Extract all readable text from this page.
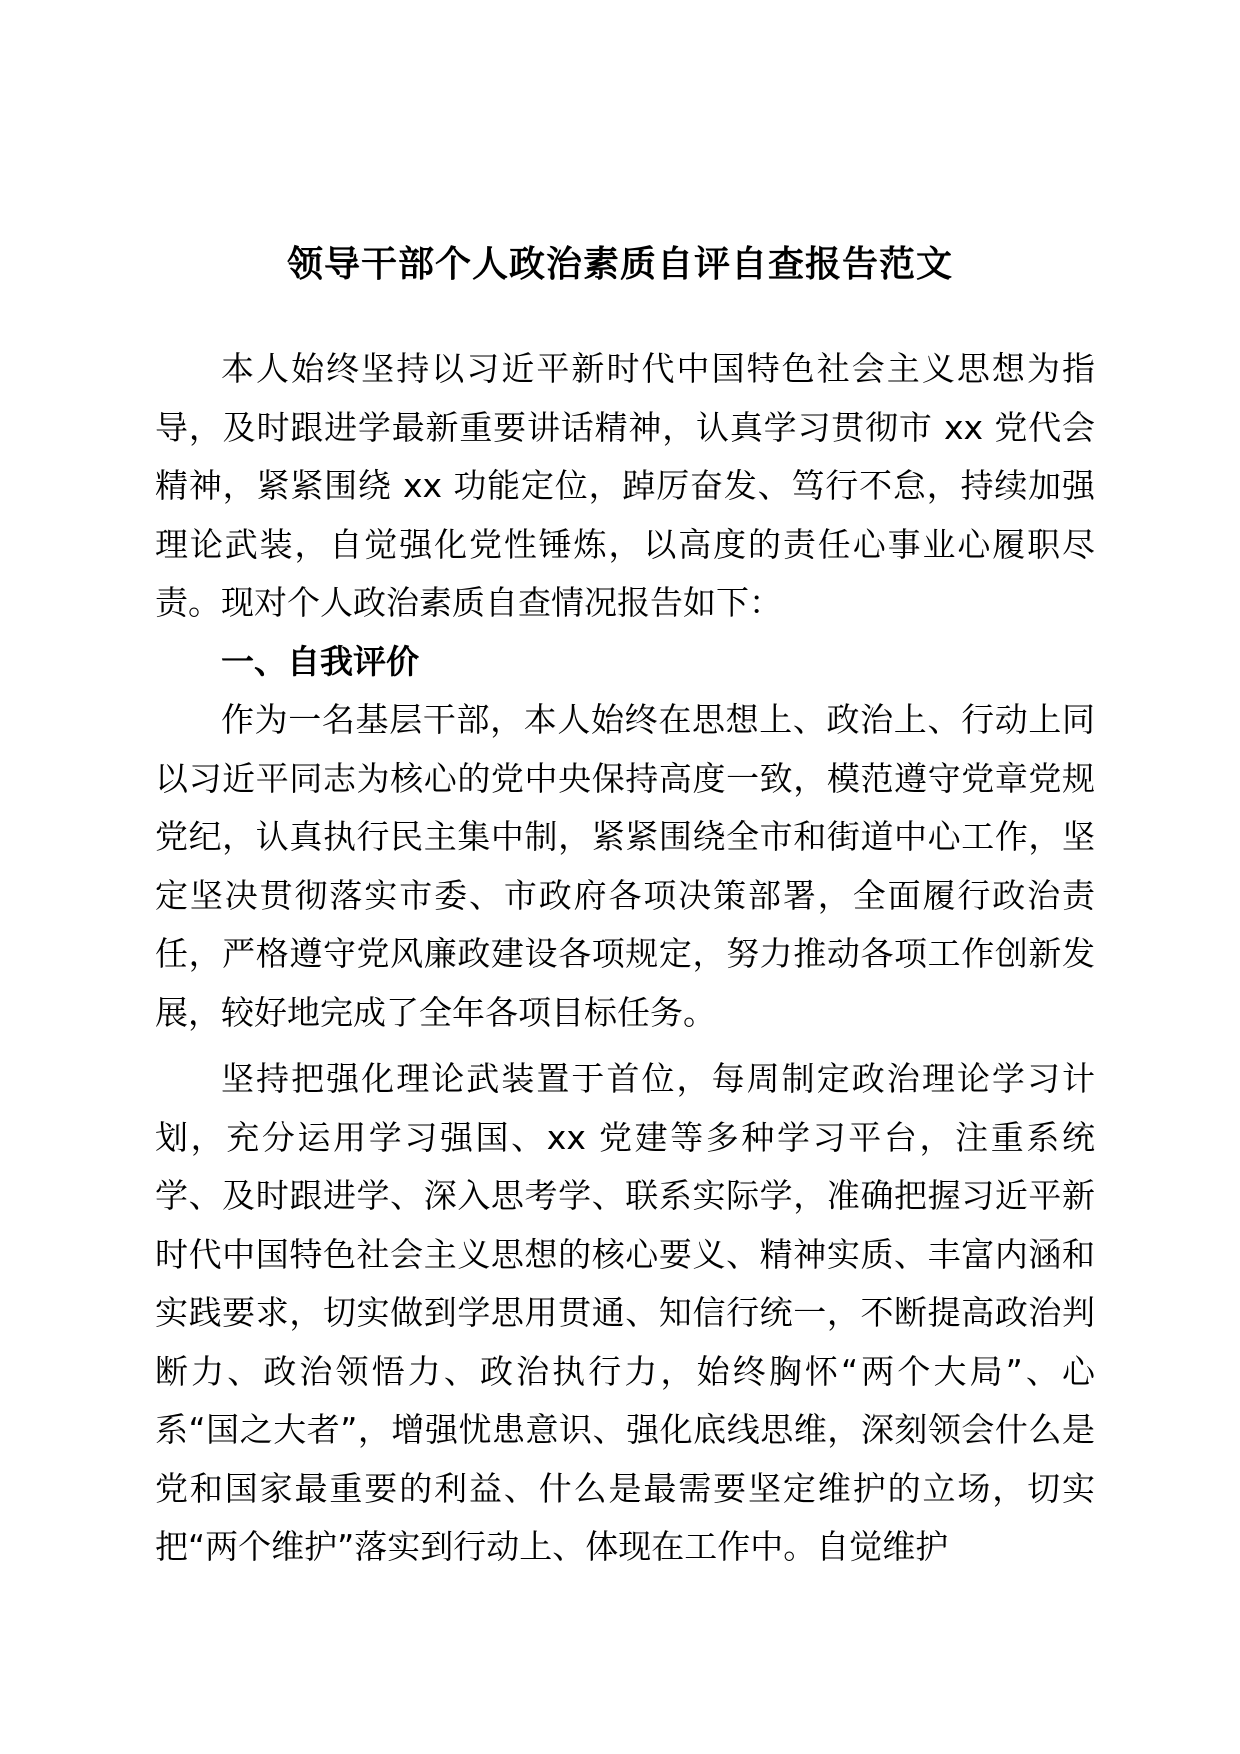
领导干部个人政治素质自评自查报告范文

本人始终坚持以习近平新时代中国特色社会主义思想为指导，及时跟进学最新重要讲话精神，认真学习贯彻市 xx 党代会精神，紧紧围绕 xx 功能定位，踔厉奋发、笃行不怠，持续加强理论武装，自觉强化党性锤炼，以高度的责任心事业心履职尽责。现对个人政治素质自查情况报告如下：

一、自我评价

作为一名基层干部，本人始终在思想上、政治上、行动上同以习近平同志为核心的党中央保持高度一致，模范遵守党章党规党纪，认真执行民主集中制，紧紧围绕全市和街道中心工作，坚定坚决贯彻落实市委、市政府各项决策部署，全面履行政治责任，严格遵守党风廉政建设各项规定，努力推动各项工作创新发展，较好地完成了全年各项目标任务。

坚持把强化理论武装置于首位，每周制定政治理论学习计划，充分运用学习强国、xx 党建等多种学习平台，注重系统学、及时跟进学、深入思考学、联系实际学，准确把握习近平新时代中国特色社会主义思想的核心要义、精神实质、丰富内涵和实践要求，切实做到学思用贯通、知信行统一，不断提高政治判断力、政治领悟力、政治执行力，始终胸怀“两个大局”、心系“国之大者”，增强忧患意识、强化底线思维，深刻领会什么是党和国家最重要的利益、什么是最需要坚定维护的立场，切实把“两个维护”落实到行动上、体现在工作中。自觉维护
